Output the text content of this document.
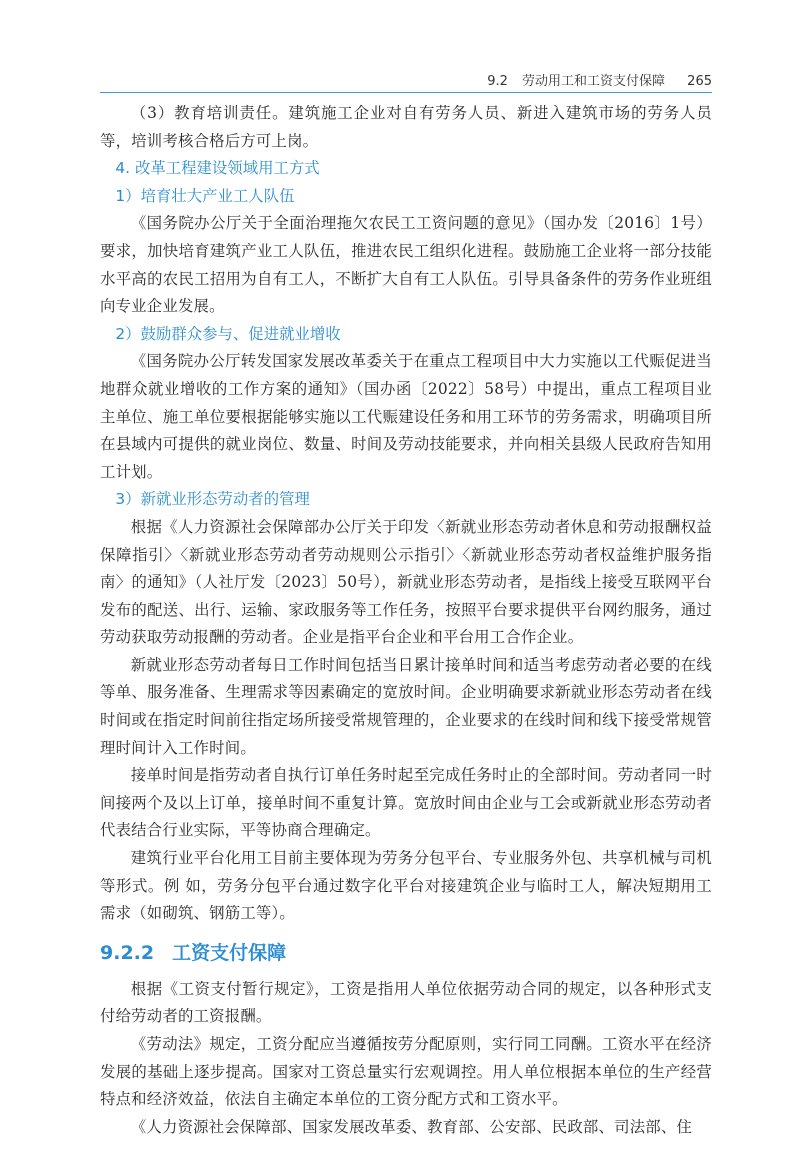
9.2 劳动用工和工资支付保障 265

（3）教育培训责任。建筑施工企业对自有劳务人员、新进入建筑市场的劳务人员等，培训考核合格后方可上岗。

4. 改革工程建设领域用工方式
1）培育壮大产业工人队伍

《国务院办公厅关于全面治理拖欠农民工工资问题的意见》（国办发〔2016〕1号）要求，加快培育建筑产业工人队伍，推进农民工组织化进程。鼓励施工企业将一部分技能水平高的农民工招用为自有工人，不断扩大自有工人队伍。引导具备条件的劳务作业班组向专业企业发展。

2）鼓励群众参与、促进就业增收

《国务院办公厅转发国家发展改革委关于在重点工程项目中大力实施以工代赈促进当地群众就业增收的工作方案的通知》（国办函〔2022〕58号）中提出，重点工程项目业主单位、施工单位要根据能够实施以工代赈建设任务和用工环节的劳务需求，明确项目所在县域内可提供的就业岗位、数量、时间及劳动技能要求，并向相关县级人民政府告知用工计划。

3）新就业形态劳动者的管理

根据《人力资源社会保障部办公厅关于印发〈新就业形态劳动者休息和劳动报酬权益保障指引〉〈新就业形态劳动者劳动规则公示指引〉〈新就业形态劳动者权益维护服务指南〉的通知》（人社厅发〔2023〕50号），新就业形态劳动者，是指线上接受互联网平台发布的配送、出行、运输、家政服务等工作任务，按照平台要求提供平台网约服务，通过劳动获取劳动报酬的劳动者。企业是指平台企业和平台用工合作企业。

新就业形态劳动者每日工作时间包括当日累计接单时间和适当考虑劳动者必要的在线等单、服务准备、生理需求等因素确定的宽放时间。企业明确要求新就业形态劳动者在线时间或在指定时间前往指定场所接受常规管理的，企业要求的在线时间和线下接受常规管理时间计入工作时间。

接单时间是指劳动者自执行订单任务时起至完成任务时止的全部时间。劳动者同一时间接两个及以上订单，接单时间不重复计算。宽放时间由企业与工会或新就业形态劳动者代表结合行业实际，平等协商合理确定。

建筑行业平台化用工目前主要体现为劳务分包平台、专业服务外包、共享机械与司机等形式。例 如，劳务分包平台通过数字化平台对接建筑企业与临时工人，解决短期用工需求（如砌筑、钢筋工等）。

9.2.2 工资支付保障

根据《工资支付暂行规定》，工资是指用人单位依据劳动合同的规定，以各种形式支付给劳动者的工资报酬。

《劳动法》规定，工资分配应当遵循按劳分配原则，实行同工同酬。工资水平在经济发展的基础上逐步提高。国家对工资总量实行宏观调控。用人单位根据本单位的生产经营特点和经济效益，依法自主确定本单位的工资分配方式和工资水平。

《人力资源社会保障部、国家发展改革委、教育部、公安部、民政部、司法部、住
